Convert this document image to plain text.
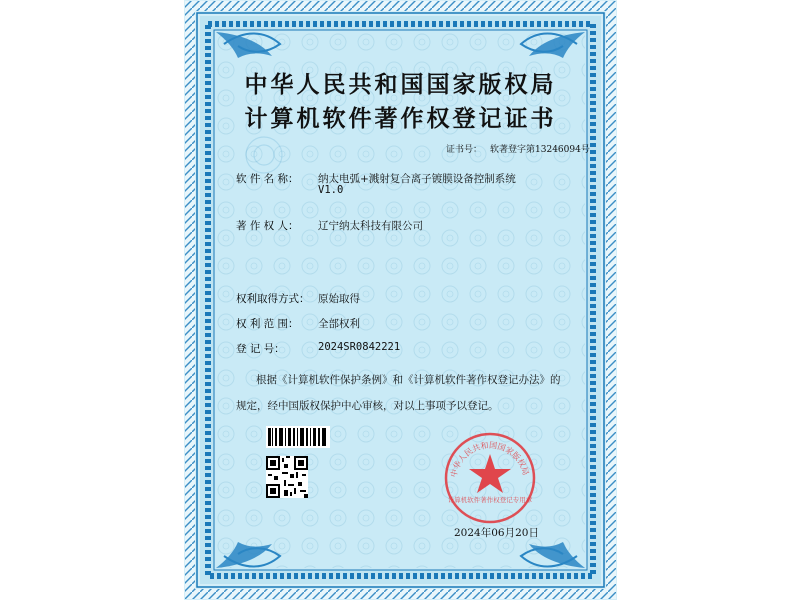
中华人民共和国国家版权局
计算机软件著作权登记证书
证书号： 软著登字第13246094号
软 件 名 称： 纳太电弧+溅射复合离子镀膜设备控制系统
V1.0
著 作 权 人： 辽宁纳太科技有限公司
权利取得方式： 原始取得
权 利 范 围： 全部权利
登 记 号：	2024SR0842221
根据《计算机软件保护条例》和《计算机软件著作权登记办法》的
规定，经中国版权保护中心审核，对以上事项予以登记。
中华人民共和国国家版权局
计算机软件著作权登记专用章
2024年06月20日
